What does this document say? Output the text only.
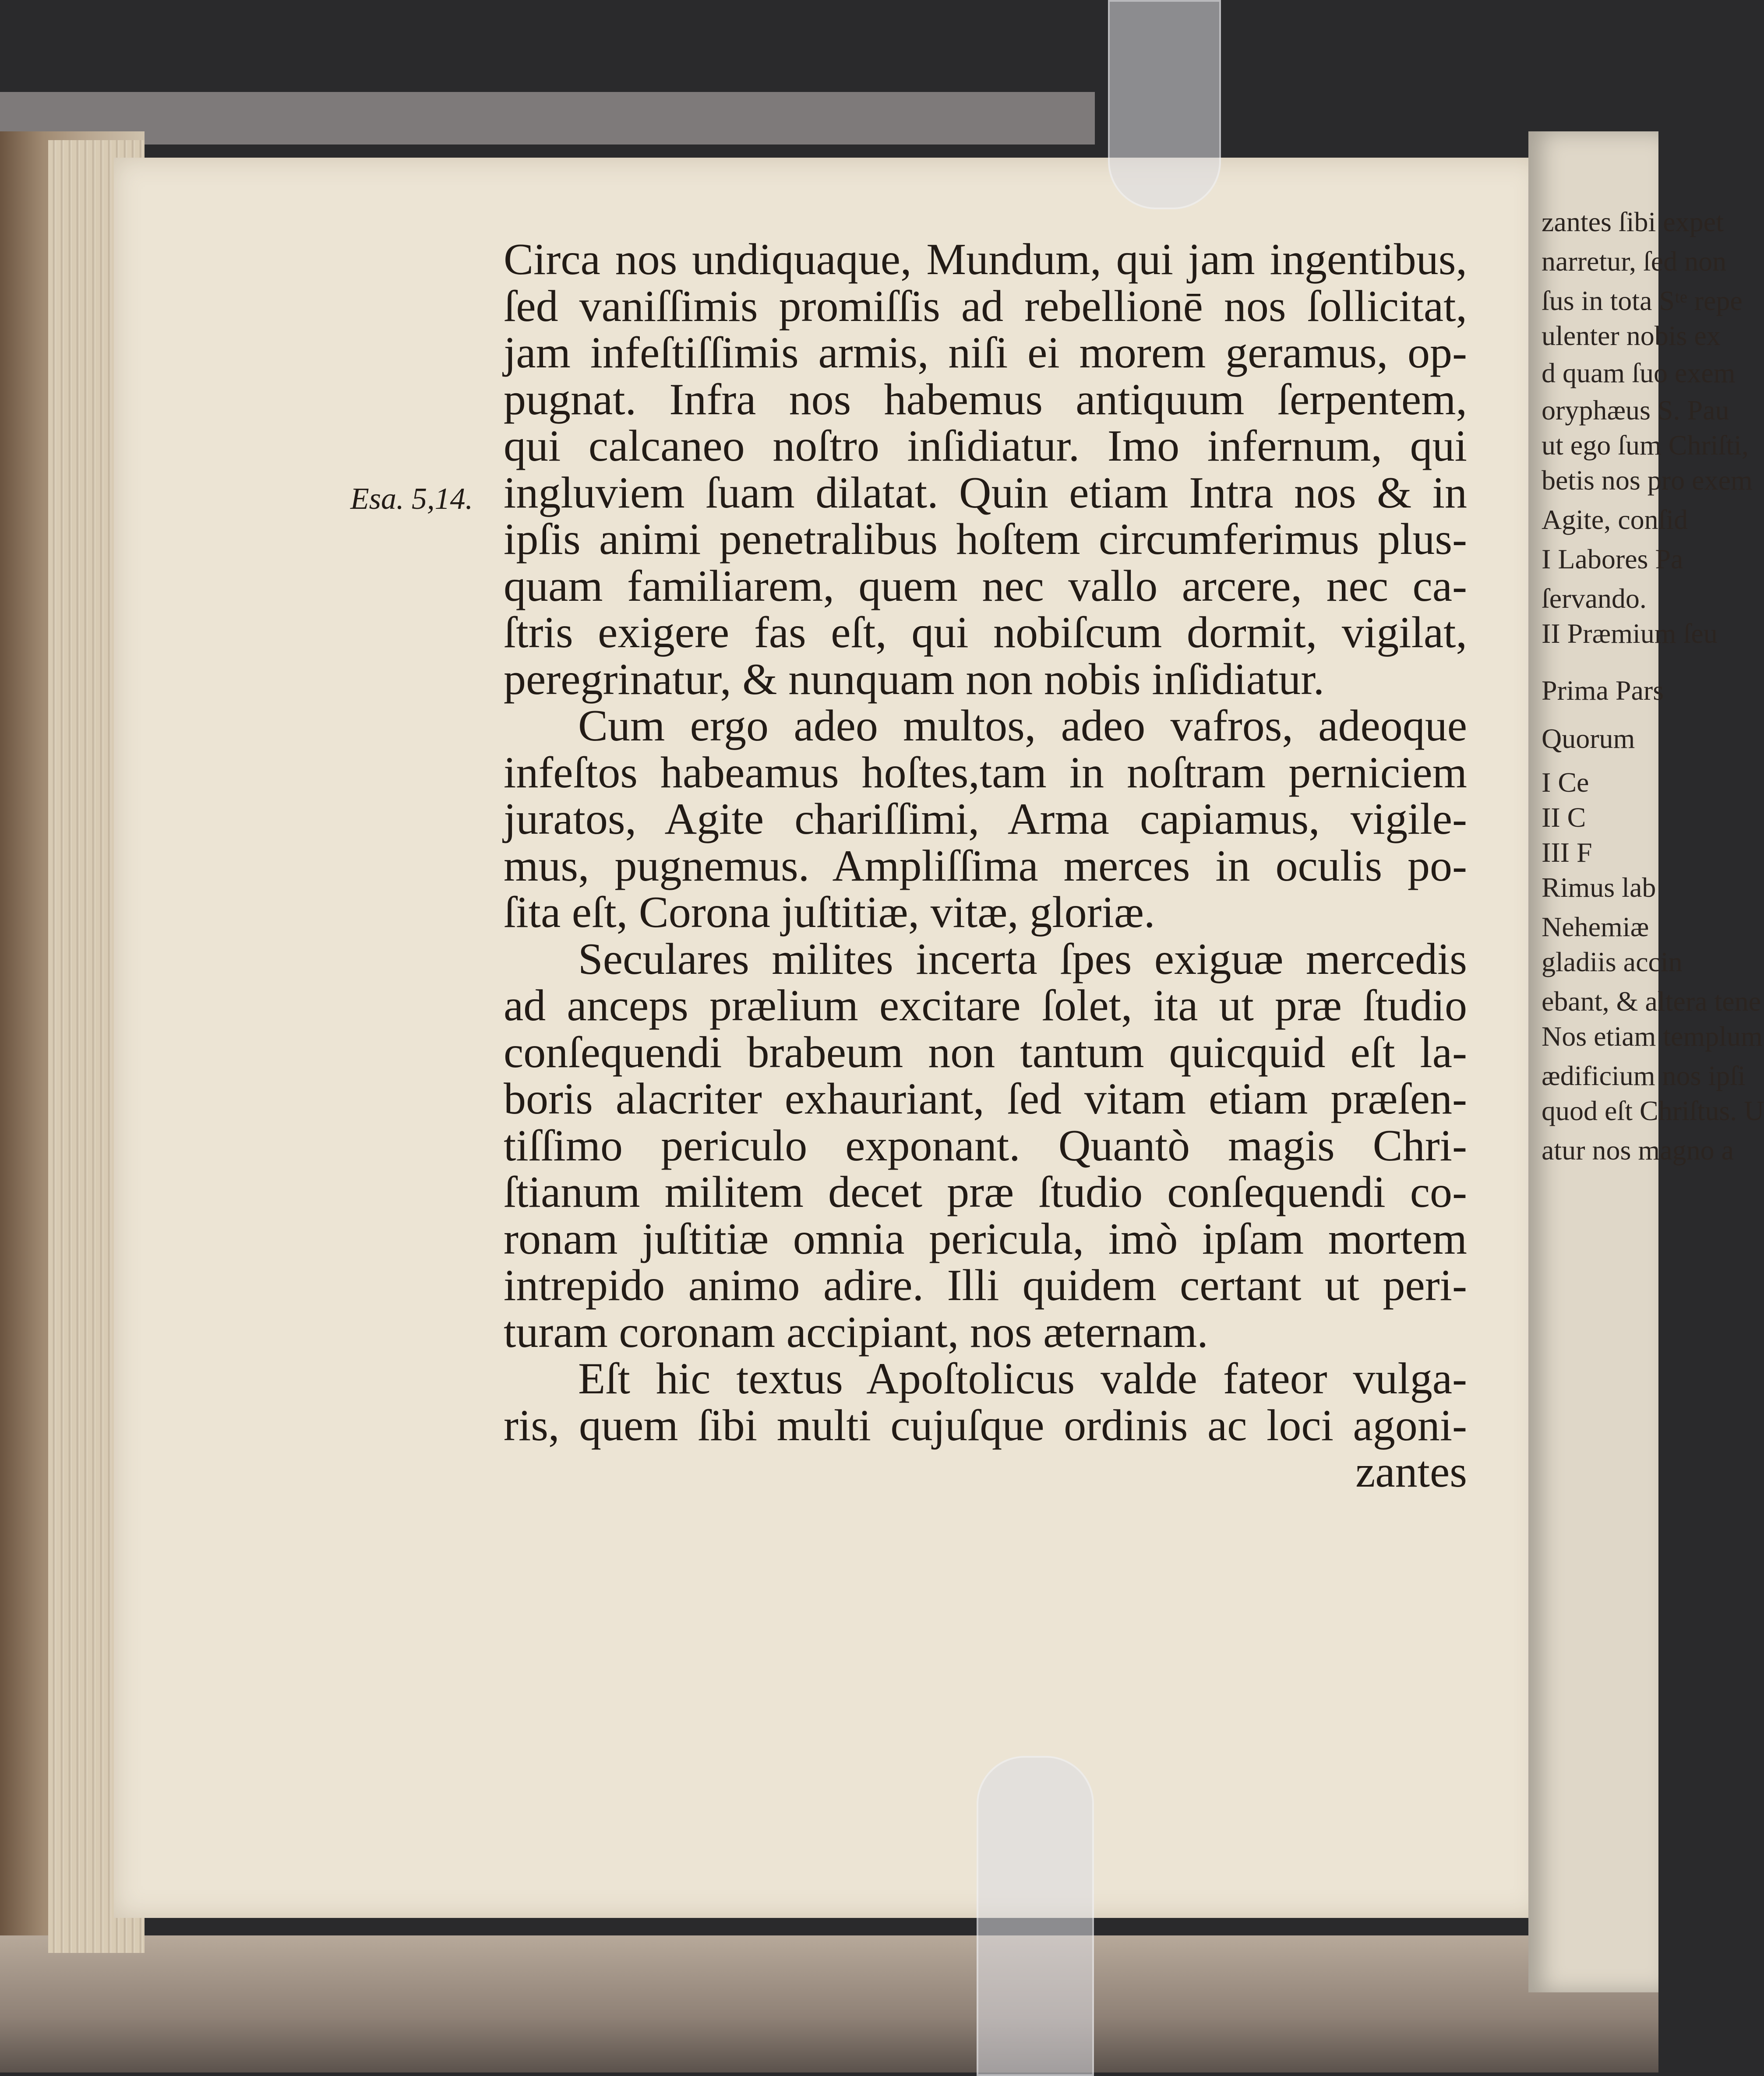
Esa. 5,14.
Circa nos undiquaque, Mundum, qui jam ingentibus,
ſed vaniſſimis promiſſis ad rebellionē nos ſollicitat,
jam infeſtiſſimis armis, niſi ei morem geramus, op-
pugnat. Infra nos habemus antiquum ſerpentem,
qui calcaneo noſtro inſidiatur. Imo infernum, qui
ingluviem ſuam dilatat. Quin etiam Intra nos & in
ipſis animi penetralibus hoſtem circumferimus plus-
quam familiarem, quem nec vallo arcere, nec ca-
ſtris exigere fas eſt, qui nobiſcum dormit, vigilat,
peregrinatur, & nunquam non nobis inſidiatur.
Cum ergo adeo multos, adeo vafros, adeoque
infeſtos habeamus hoſtes,tam in noſtram perniciem
juratos, Agite chariſſimi, Arma capiamus, vigile-
mus, pugnemus. Ampliſſima merces in oculis po-
ſita eſt, Corona juſtitiæ, vitæ, gloriæ.
Seculares milites incerta ſpes exiguæ mercedis
ad anceps prælium excitare ſolet, ita ut præ ſtudio
conſequendi brabeum non tantum quicquid eſt la-
boris alacriter exhauriant, ſed vitam etiam præſen-
tiſſimo periculo exponant. Quantò magis Chri-
ſtianum militem decet præ ſtudio conſequendi co-
ronam juſtitiæ omnia pericula, imò ipſam mortem
intrepido animo adire. Illi quidem certant ut peri-
turam coronam accipiant, nos æternam.
Eſt hic textus Apoſtolicus valde fateor vulga-
ris, quem ſibi multi cujuſque ordinis ac loci agoni-
zantes
zantes ſibi expet
narretur, ſed non
ſus in tota Sᵗᵉ repe
ulenter nobis ex
d quam ſuo exem
oryphæus S. Pau
ut ego ſum Chriſti,
betis nos pro exem
Agite, conſid
I Labores Pa
ſervando.
II Præmium ſeu
Prima Pars
Quorum
I Ce
II C
III F
Rimus lab
Nehemiæ
gladiis accin
ebant, & altera tene
Nos etiam templum
ædificium nos ipſi
quod eſt Chriſtus. U
atur nos magno a
